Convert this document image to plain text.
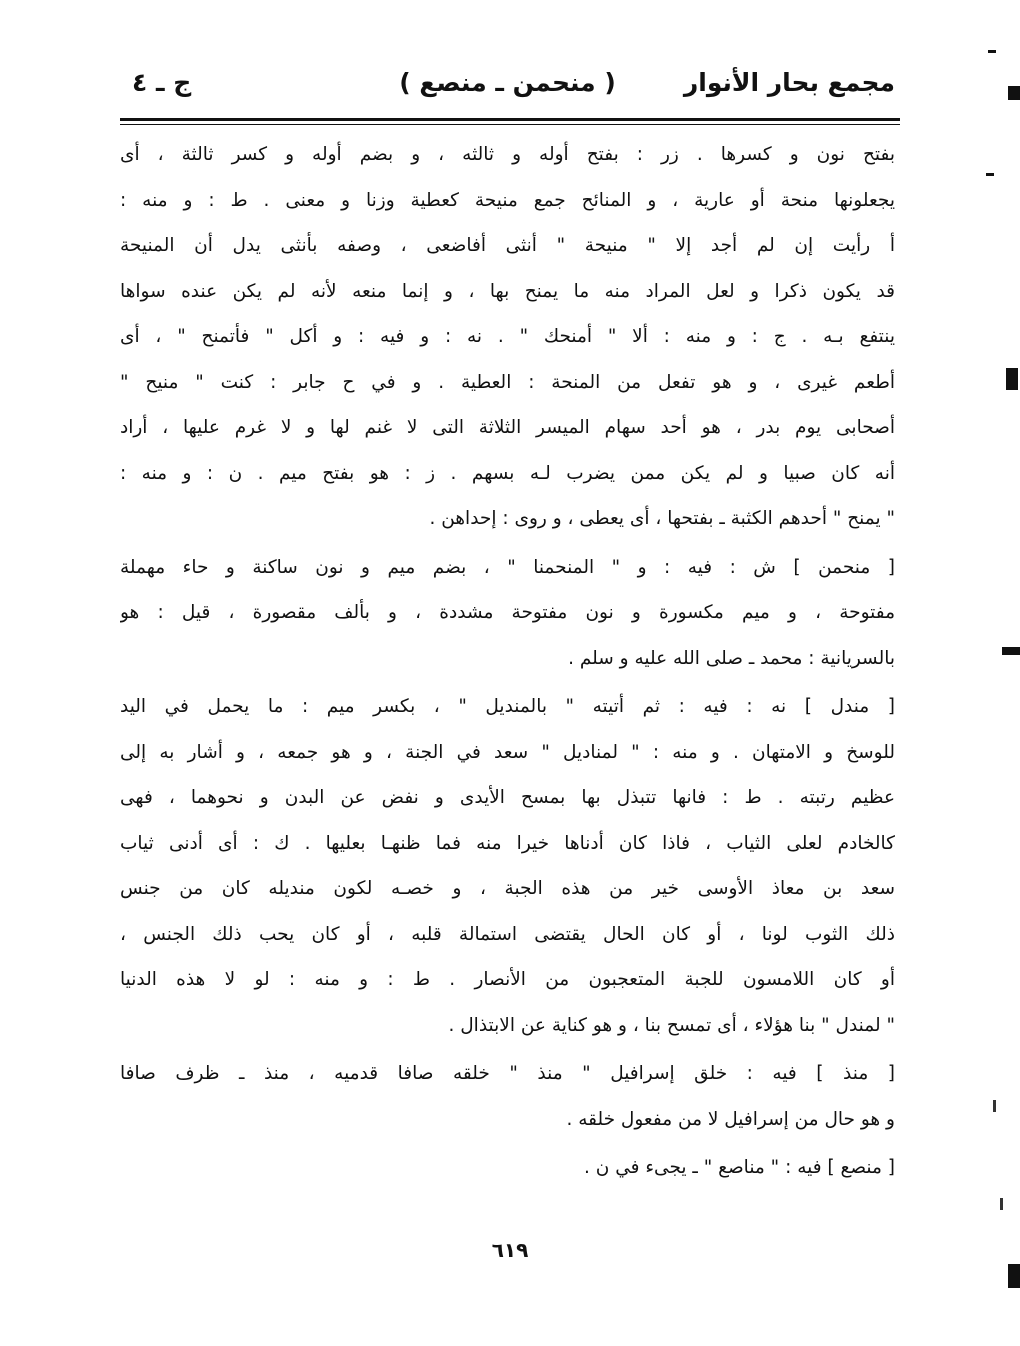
مجمع بحار الأنوار
( منحمن ـ منصع )
ج ـ ٤
بفتح نون و كسرها . زر : بفتح أوله و ثالثه ، و بضم أوله و كسر ثالثة ، أى
يجعلونها منحة أو عارية ، و المنائح جمع منيحة كعطية وزنا و معنى . ط : و منه :
أ رأيت إن لم أجد إلا " منيحة " أنثى أفاضعى ، وصفه بأنثى يدل أن المنيحة
قد يكون ذكرا و لعل المراد منه ما يمنح بها ، و إنما منعه لأنه لم يكن عنده سواها
ينتفع بـه . ج : و منه : ألا " أمنحك " . نه : و فيه : و أكل " فأتمنح " ، أى
أطعم غيرى ، و هو تفعل من المنحة : العطية . و في ح جابر : كنت " منيح "
أصحابى يوم بدر ، هو أحد سهام الميسر الثلاثة التى لا غنم لها و لا غرم عليها ، أراد
أنه كان صبيا و لم يكن ممن يضرب لـه بسهم . ز : هو بفتح ميم . ن : و منه :
" يمنح " أحدهم الكثبة ـ بفتحها ، أى يعطى ، و روى : إحداهن .
[ منحمن ] ش : فيه : و " المنحمنا " ، بضم ميم و نون ساكنة و حاء مهملة
مفتوحة ، و ميم مكسورة و نون مفتوحة مشددة ، و بألف مقصورة ، قيل : هو
بالسريانية : محمد ـ صلى الله عليه و سلم .
[ مندل ] نه : فيه : ثم أتيته " بالمنديل " ، بكسر ميم : ما يحمل في اليد
للوسخ و الامتهان . و منه : " لمناديل " سعد في الجنة ، و هو جمعه ، و أشار به إلى
عظيم رتبته . ط : فانها تتبذل بها بمسح الأيدى و نفض عن البدن و نحوهما ، فهى
كالخادم لعلى الثياب ، فاذا كان أدناها خيرا منه فما ظنهـا بعليها . ك : أى أدنى ثياب
سعد بن معاذ الأوسى خير من هذه الجبة ، و خصـه لكون منديله كان من جنس
ذلك الثوب لونا ، أو كان الحال يقتضى استمالة قلبه ، أو كان يحب ذلك الجنس ،
أو كان اللامسون للجبة المتعجبون من الأنصار . ط : و منه : لو لا هذه الدنيا
" لمندل " بنا هؤلاء ، أى تمسح بنا ، و هو كناية عن الابتذال .
[ منذ ] فيه : خلق إسرافيل " منذ " خلقه صافا قدميه ، منذ ـ ظرف صافا
و هو حال من إسرافيل لا من مفعول خلقه .
[ منصع ] فيه : " مناصع " ـ يجىء في ن .
٦١٩
